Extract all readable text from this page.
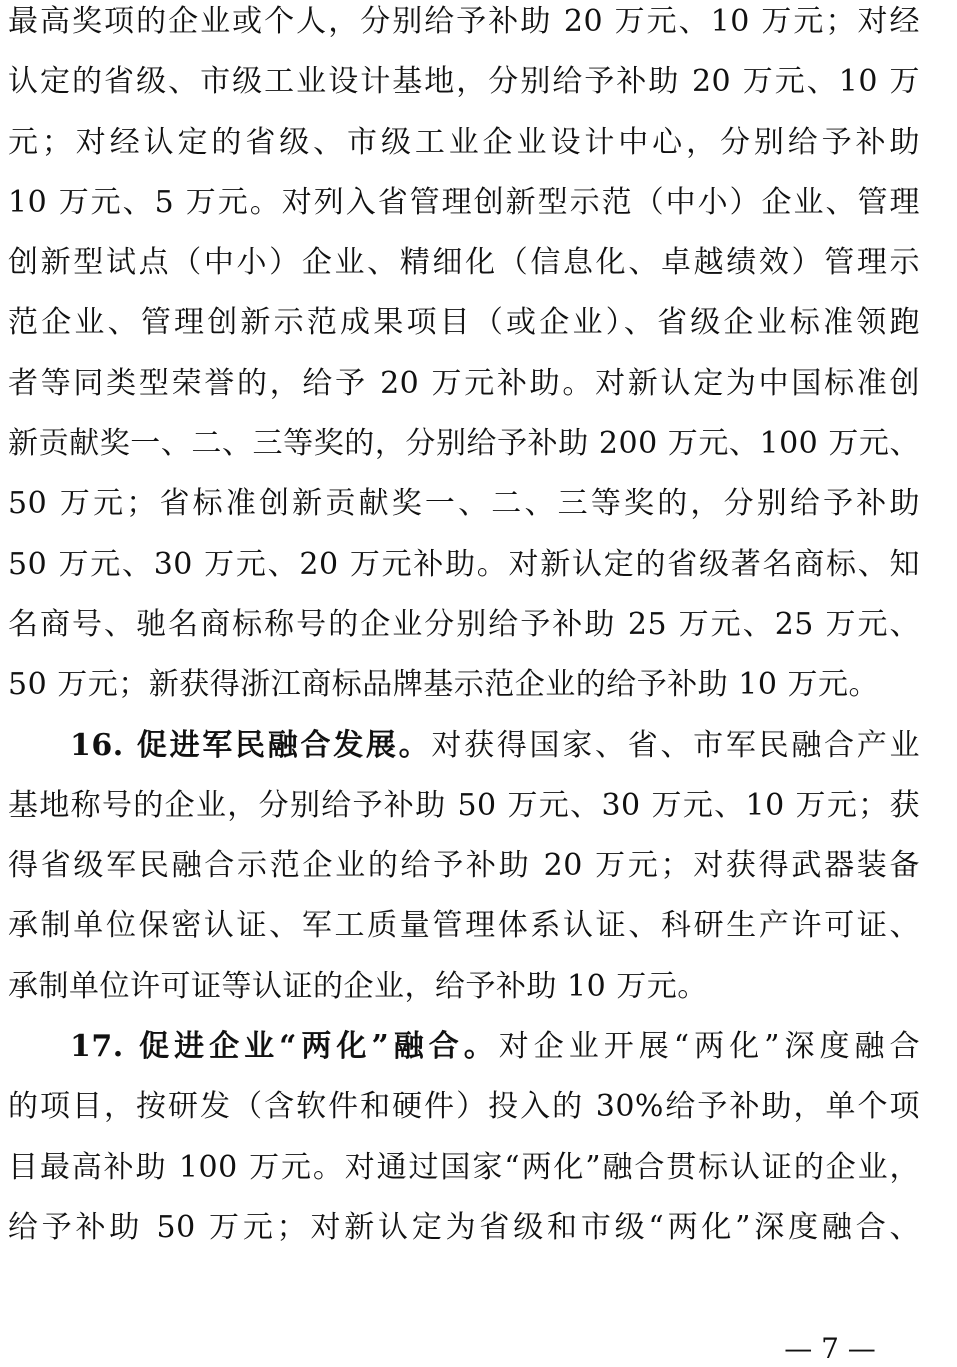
最高奖项的企业或个人，分别给予补助 20 万元、10 万元；对经
认定的省级、市级工业设计基地，分别给予补助 20 万元、10 万
元；对经认定的省级、市级工业企业设计中心，分别给予补助
10 万元、5 万元。对列入省管理创新型示范（中小）企业、管理
创新型试点（中小）企业、精细化（信息化、卓越绩效）管理示
范企业、管理创新示范成果项目（或企业）、省级企业标准领跑
者等同类型荣誉的，给予 20 万元补助。对新认定为中国标准创
新贡献奖一、二、三等奖的，分别给予补助 200 万元、100 万元、
50 万元；省标准创新贡献奖一、二、三等奖的，分别给予补助
50 万元、30 万元、20 万元补助。对新认定的省级著名商标、知
名商号、驰名商标称号的企业分别给予补助 25 万元、25 万元、
50 万元；新获得浙江商标品牌基示范企业的给予补助 10 万元。
16. 促进军民融合发展。对获得国家、省、市军民融合产业
基地称号的企业，分别给予补助 50 万元、30 万元、10 万元；获
得省级军民融合示范企业的给予补助 20 万元；对获得武器装备
承制单位保密认证、军工质量管理体系认证、科研生产许可证、
承制单位许可证等认证的企业，给予补助 10 万元。
17. 促进企业“两化”融合。对企业开展“两化”深度融合
的项目，按研发（含软件和硬件）投入的 30%给予补助，单个项
目最高补助 100 万元。对通过国家“两化”融合贯标认证的企业，
给予补助 50 万元；对新认定为省级和市级“两化”深度融合、
— 7 —
